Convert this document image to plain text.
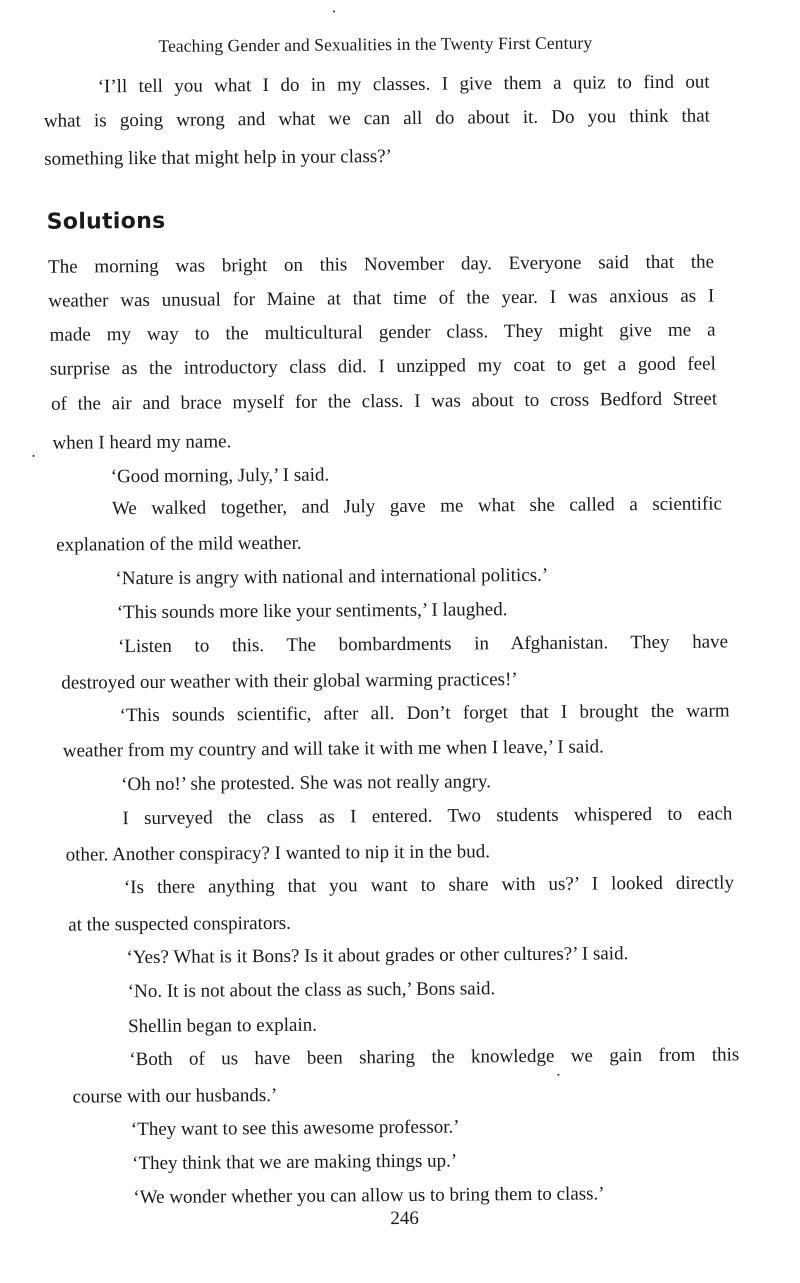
Teaching Gender and Sexualities in the Twenty First Century
‘I’ll tell you what I do in my classes. I give them a quiz to find out
what is going wrong and what we can all do about it. Do you think that
something like that might help in your class?’
Solutions
The morning was bright on this November day. Everyone said that the
weather was unusual for Maine at that time of the year. I was anxious as I
made my way to the multicultural gender class. They might give me a
surprise as the introductory class did. I unzipped my coat to get a good feel
of the air and brace myself for the class. I was about to cross Bedford Street
when I heard my name.
‘Good morning, July,’ I said.
We walked together, and July gave me what she called a scientific
explanation of the mild weather.
‘Nature is angry with national and international politics.’
‘This sounds more like your sentiments,’ I laughed.
‘Listen to this. The bombardments in Afghanistan. They have
destroyed our weather with their global warming practices!’
‘This sounds scientific, after all. Don’t forget that I brought the warm
weather from my country and will take it with me when I leave,’ I said.
‘Oh no!’ she protested. She was not really angry.
I surveyed the class as I entered. Two students whispered to each
other. Another conspiracy? I wanted to nip it in the bud.
‘Is there anything that you want to share with us?’ I looked directly
at the suspected conspirators.
‘Yes? What is it Bons? Is it about grades or other cultures?’ I said.
‘No. It is not about the class as such,’ Bons said.
Shellin began to explain.
‘Both of us have been sharing the knowledge we gain from this
course with our husbands.’
‘They want to see this awesome professor.’
‘They think that we are making things up.’
‘We wonder whether you can allow us to bring them to class.’
246
